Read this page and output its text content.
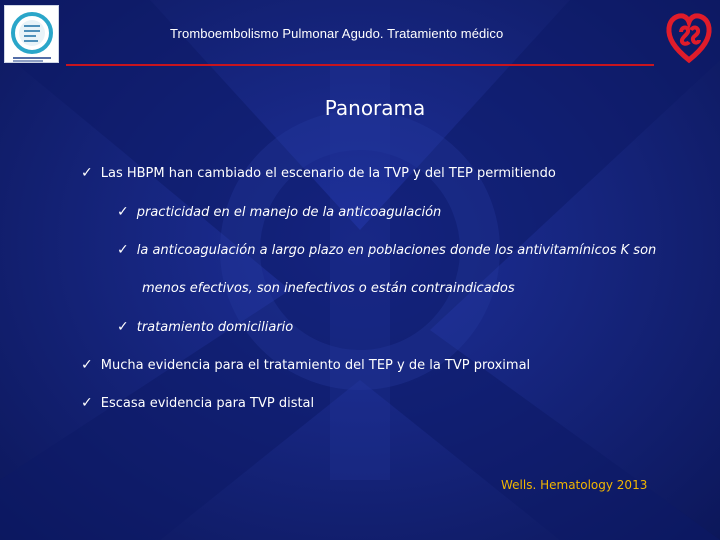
Tromboembolismo Pulmonar Agudo. Tratamiento médico
Panorama
✓ Las HBPM han cambiado el escenario de la TVP y del TEP permitiendo
✓ practicidad en el manejo de la anticoagulación
✓ la anticoagulación a largo plazo en poblaciones donde los antivitamínicos K son
menos efectivos, son inefectivos o están contraindicados
✓ tratamiento domiciliario
✓ Mucha evidencia para el tratamiento del TEP y de la TVP proximal
✓ Escasa evidencia para TVP distal
Wells. Hematology 2013
